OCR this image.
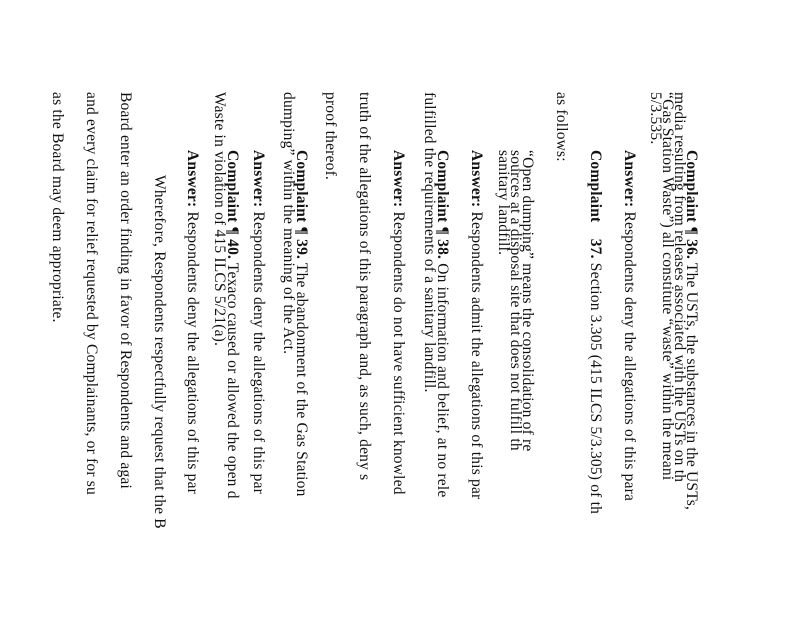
Complaint ¶ 36. The USTs, the substances in the USTs,
media resulting from releases associated with the USTs on th
“Gas Station Waste”) all constitute “waste” within the meani
5/3.535.
Answer: Respondents deny the allegations of this para
Complaint    37. Section 3.305 (415 ILCS 5/3.305) of th
as follows:
“Open dumping” means the consolidation of re
sources at a disposal site that does not fulfill th
sanitary landfill.
Answer: Respondents admit the allegations of this par
Complaint ¶ 38. On information and belief, at no rele
fulfilled the requirements of a sanitary landfill.
Answer: Respondents do not have sufficient knowled
truth of the allegations of this paragraph and, as such, deny s
proof thereof.
Complaint ¶ 39. The abandonment of the Gas Station
dumping” within the meaning of the Act.
Answer: Respondents deny the allegations of this par
Complaint ¶ 40. Texaco caused or allowed the open d
Waste in violation of 415 ILCS 5/21(a).
Answer: Respondents deny the allegations of this par
Wherefore, Respondents respectfully request that the B
Board enter an order finding in favor of Respondents and agai
and every claim for relief requested by Complainants, or for su
as the Board may deem appropriate.
